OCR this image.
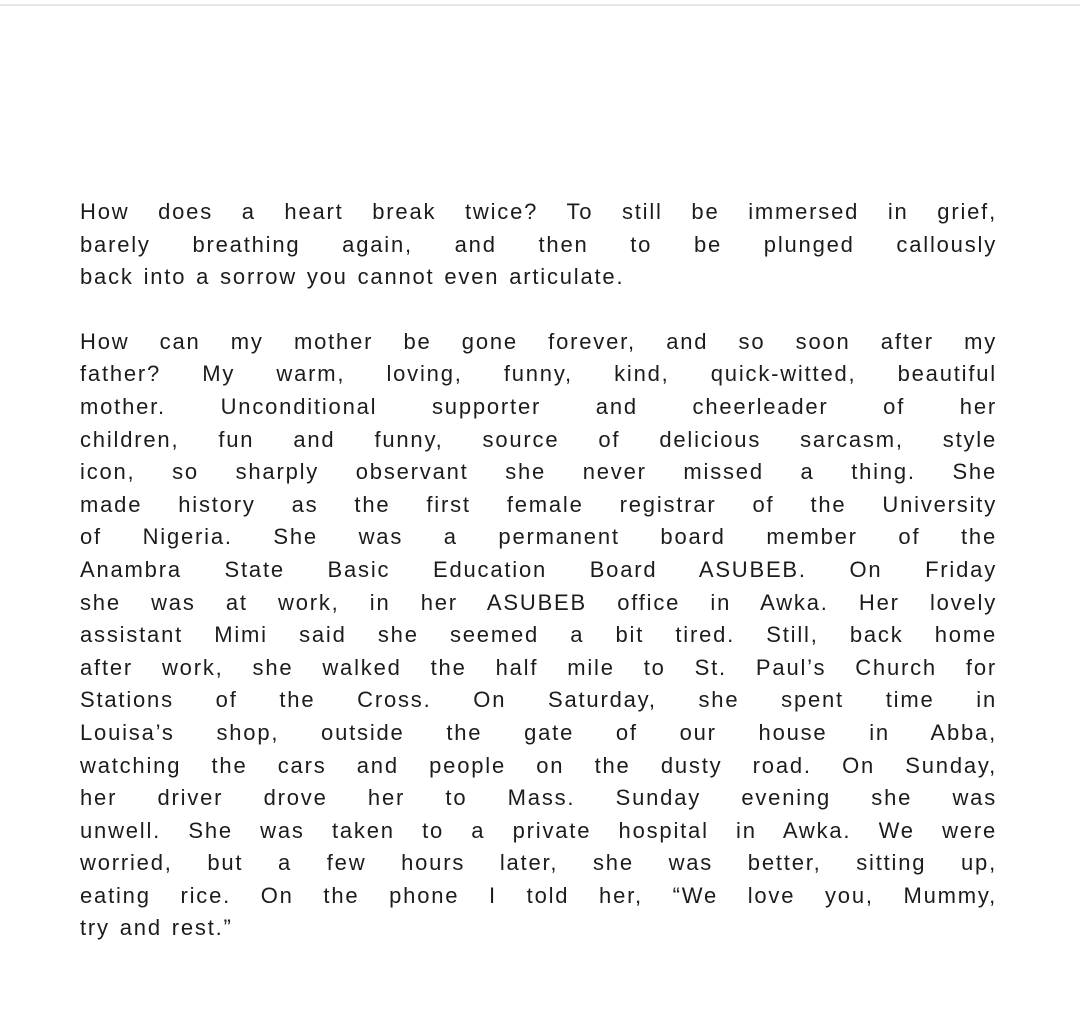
How does a heart break twice? To still be immersed in grief,
barely breathing again, and then to be plunged callously
back into a sorrow you cannot even articulate.
How can my mother be gone forever, and so soon after my
father? My warm, loving, funny, kind, quick-witted, beautiful
mother. Unconditional supporter and cheerleader of her
children, fun and funny, source of delicious sarcasm, style
icon, so sharply observant she never missed a thing. She
made history as the first female registrar of the University
of Nigeria. She was a permanent board member of the
Anambra State Basic Education Board ASUBEB. On Friday
she was at work, in her ASUBEB office in Awka. Her lovely
assistant Mimi said she seemed a bit tired. Still, back home
after work, she walked the half mile to St. Paul’s Church for
Stations of the Cross. On Saturday, she spent time in
Louisa’s shop, outside the gate of our house in Abba,
watching the cars and people on the dusty road. On Sunday,
her driver drove her to Mass. Sunday evening she was
unwell. She was taken to a private hospital in Awka. We were
worried, but a few hours later, she was better, sitting up,
eating rice. On the phone I told her, “We love you, Mummy,
try and rest.”
